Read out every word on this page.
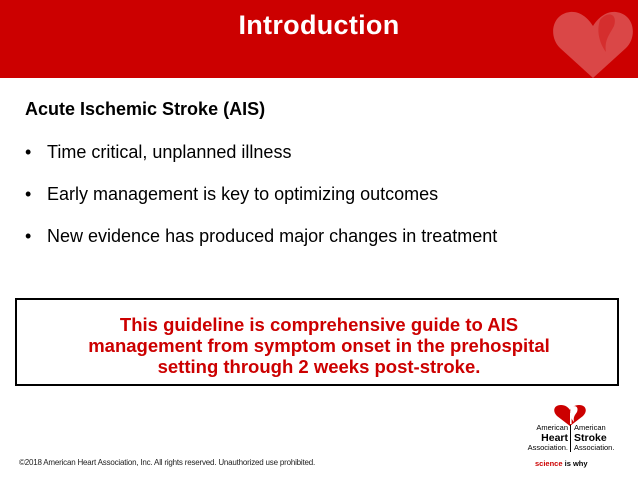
Introduction
Acute Ischemic Stroke (AIS)
• Time critical, unplanned illness
• Early management is key to optimizing outcomes
• New evidence has produced major changes in treatment
This guideline is comprehensive guide to AIS
management from symptom onset in the prehospital
setting through 2 weeks post-stroke.
©2018 American Heart Association, Inc. All rights reserved. Unauthorized use prohibited.
American
Heart
Association.
American
Stroke
Association.
science is why
